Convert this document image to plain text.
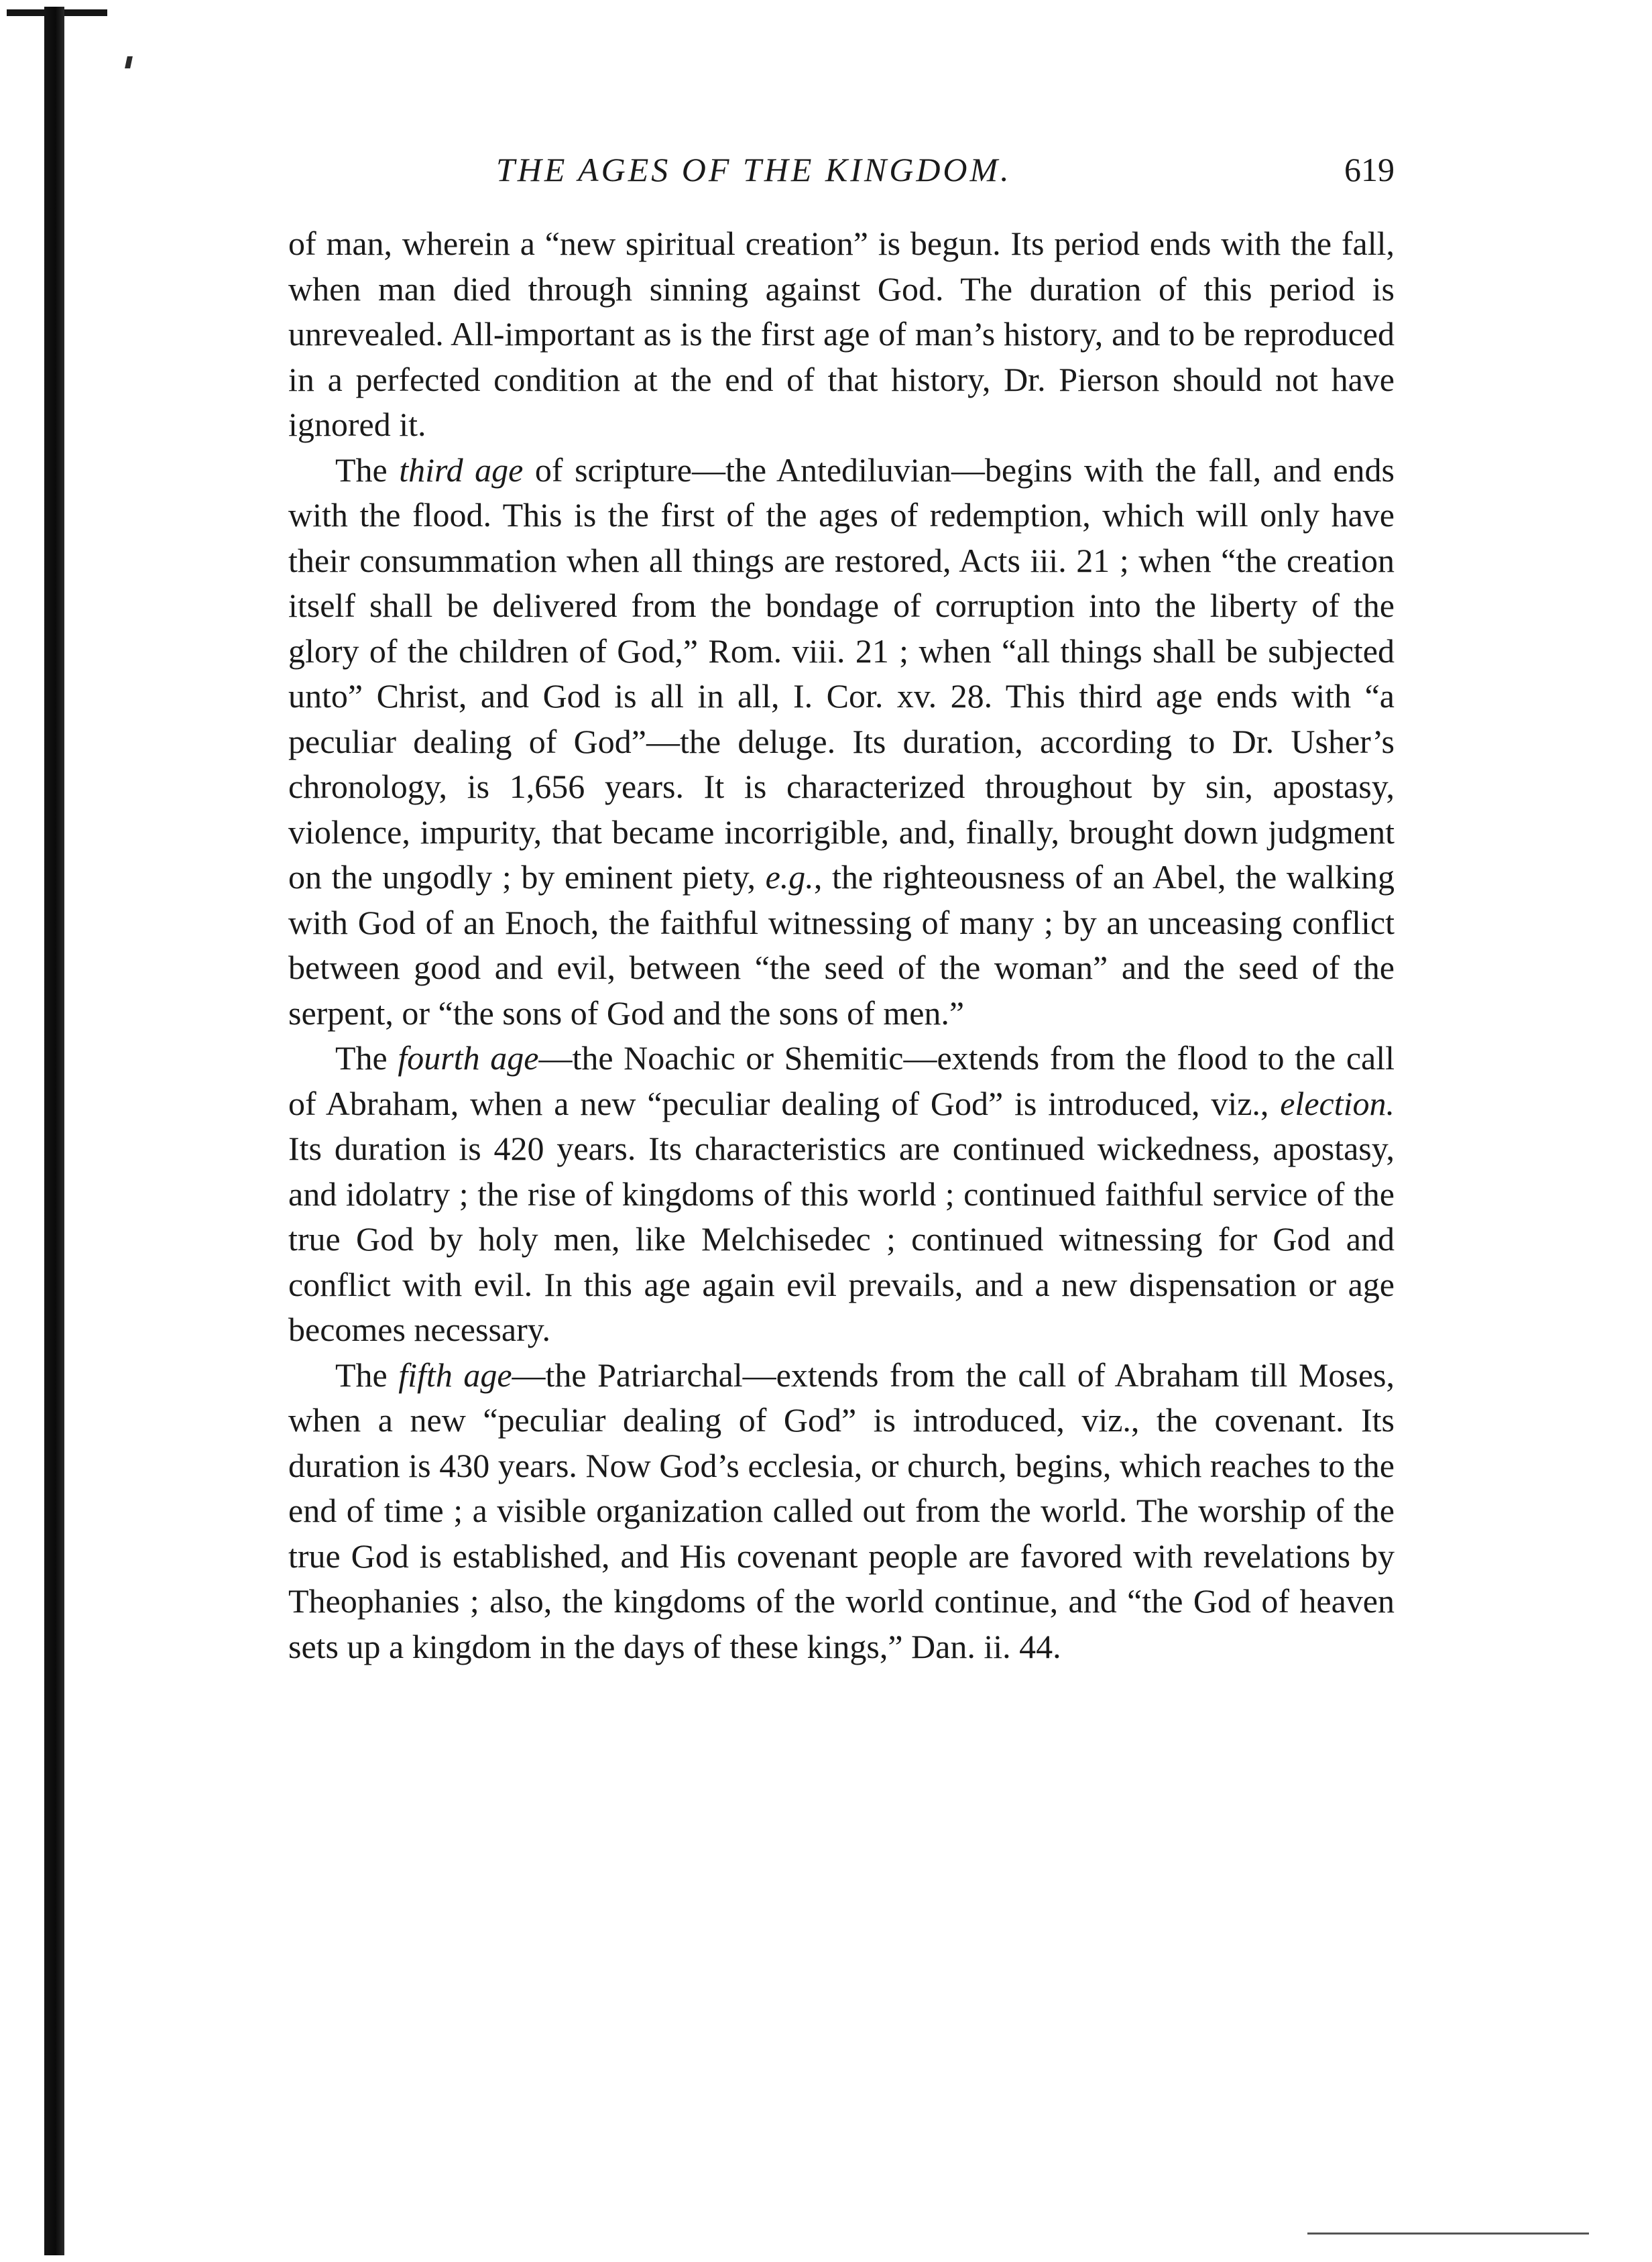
THE AGES OF THE KINGDOM.	619

of man, wherein a “new spiritual creation” is begun. Its period ends with the fall, when man died through sinning against God. The duration of this period is unrevealed. All-important as is the first age of man’s history, and to be reproduced in a perfected condition at the end of that history, Dr. Pierson should not have ignored it.

The third age of scripture—the Antediluvian—begins with the fall, and ends with the flood. This is the first of the ages of redemption, which will only have their consummation when all things are restored, Acts iii. 21 ; when “the creation itself shall be delivered from the bondage of corruption into the liberty of the glory of the children of God,” Rom. viii. 21 ; when “all things shall be subjected unto” Christ, and God is all in all, I. Cor. xv. 28. This third age ends with “a peculiar dealing of God”—the deluge. Its duration, according to Dr. Usher’s chronology, is 1,656 years. It is characterized throughout by sin, apostasy, violence, impurity, that became incorrigible, and, finally, brought down judgment on the ungodly ; by eminent piety, e.g., the righteousness of an Abel, the walking with God of an Enoch, the faithful witnessing of many ; by an unceasing conflict between good and evil, between “the seed of the woman” and the seed of the serpent, or “the sons of God and the sons of men.”

The fourth age—the Noachic or Shemitic—extends from the flood to the call of Abraham, when a new “peculiar dealing of God” is introduced, viz., election. Its duration is 420 years. Its characteristics are continued wickedness, apostasy, and idolatry ; the rise of kingdoms of this world ; continued faithful service of the true God by holy men, like Melchisedec ; continued witnessing for God and conflict with evil. In this age again evil prevails, and a new dispensation or age becomes necessary.

The fifth age—the Patriarchal—extends from the call of Abraham till Moses, when a new “peculiar dealing of God” is introduced, viz., the covenant. Its duration is 430 years. Now God’s ecclesia, or church, begins, which reaches to the end of time ; a visible organization called out from the world. The worship of the true God is established, and His covenant people are favored with revelations by Theophanies ; also, the kingdoms of the world continue, and “the God of heaven sets up a kingdom in the days of these kings,” Dan. ii. 44.
